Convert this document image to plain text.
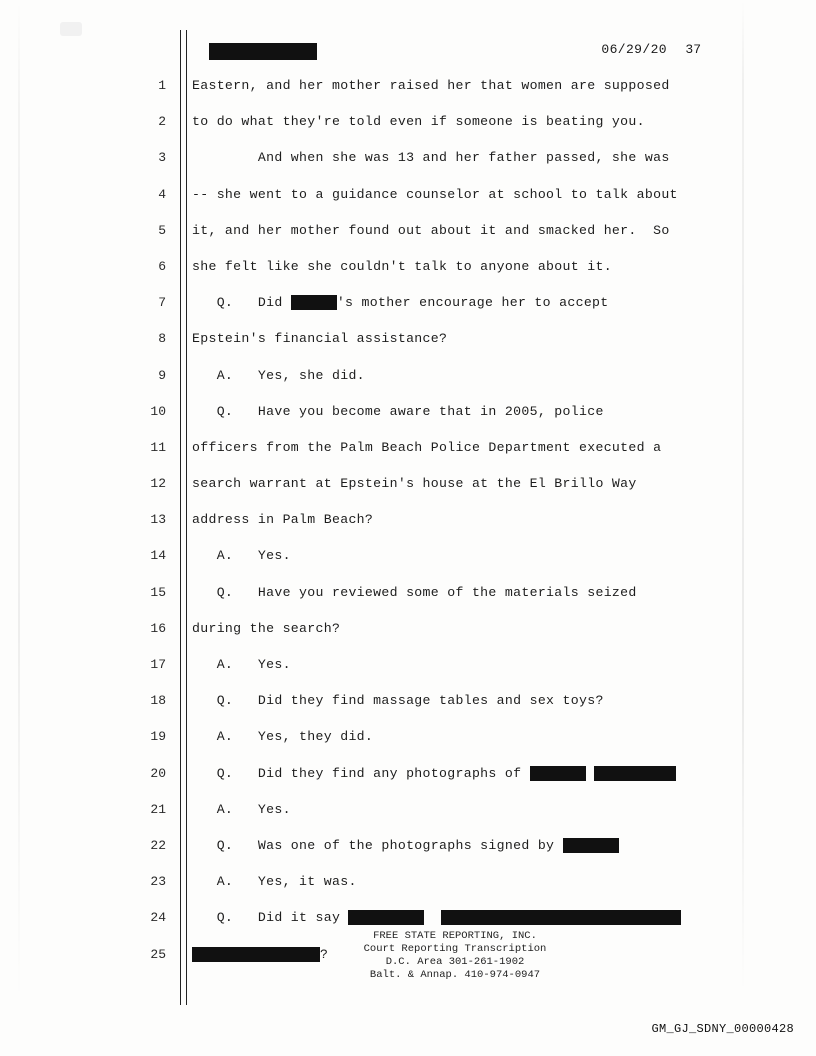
06/29/20 37
1 Eastern, and her mother raised her that women are supposed
2 to do what they're told even if someone is beating you.
3 And when she was 13 and her father passed, she was
4 -- she went to a guidance counselor at school to talk about
5 it, and her mother found out about it and smacked her.  So
6 she felt like she couldn't talk to anyone about it.
7 Q.   Did	's mother encourage her to accept
8 Epstein's financial assistance?
9 A.   Yes, she did.
10 Q.   Have you become aware that in 2005, police
11 officers from the Palm Beach Police Department executed a
12 search warrant at Epstein's house at the El Brillo Way
13 address in Palm Beach?
14 A.   Yes.
15 Q.   Have you reviewed some of the materials seized
16 during the search?
17 A.   Yes.
18 Q.   Did they find massage tables and sex toys?
19 A.   Yes, they did.
20 Q.   Did they find any photographs of
21 A.   Yes.
22 Q.   Was one of the photographs signed by
23 A.   Yes, it was.
24 Q.   Did it say
25	?
FREE STATE REPORTING, INC.
Court Reporting Transcription
D.C. Area 301-261-1902
Balt. & Annap. 410-974-0947
GM_GJ_SDNY_00000428
